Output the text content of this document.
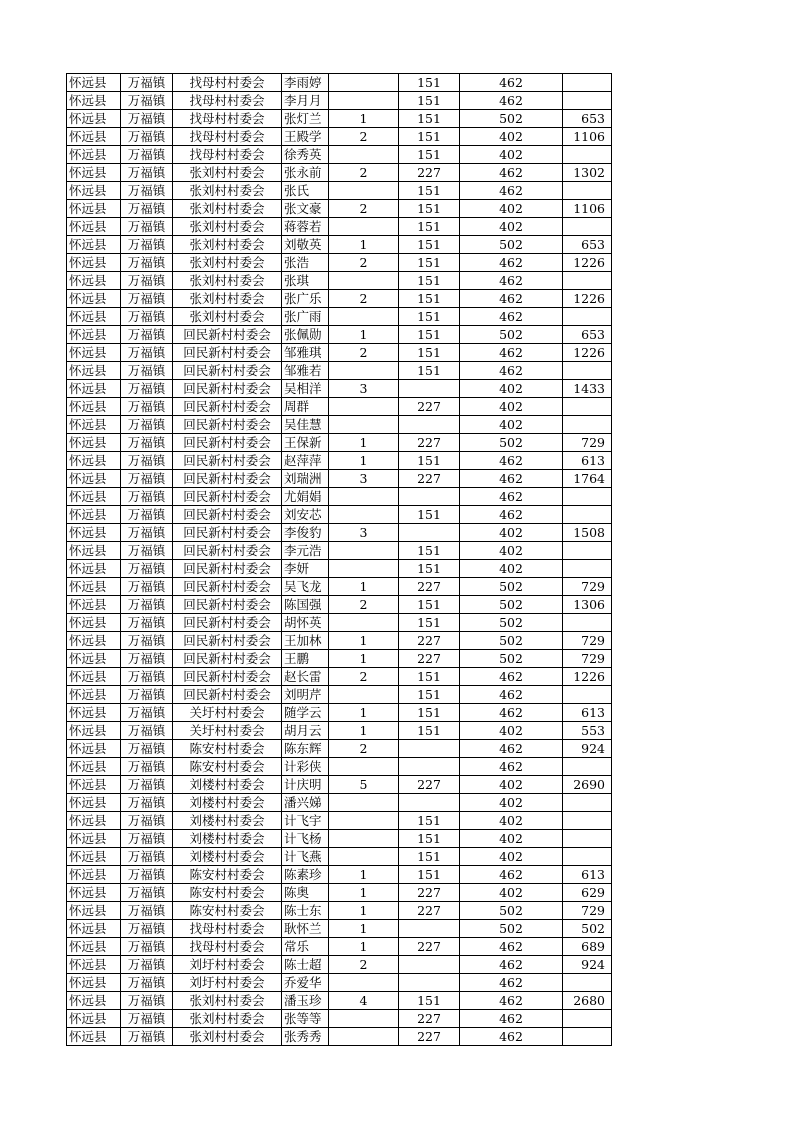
怀远县	万福镇	找母村村委会	李雨婷		151	462	
怀远县	万福镇	找母村村委会	李月月		151	462	
怀远县	万福镇	找母村村委会	张灯兰	1	151	502	653
怀远县	万福镇	找母村村委会	王殿学	2	151	402	1106
怀远县	万福镇	找母村村委会	徐秀英		151	402	
怀远县	万福镇	张刘村村委会	张永前	2	227	462	1302
怀远县	万福镇	张刘村村委会	张氏		151	462	
怀远县	万福镇	张刘村村委会	张文豪	2	151	402	1106
怀远县	万福镇	张刘村村委会	蒋蓉若		151	402	
怀远县	万福镇	张刘村村委会	刘敬英	1	151	502	653
怀远县	万福镇	张刘村村委会	张浩	2	151	462	1226
怀远县	万福镇	张刘村村委会	张琪		151	462	
怀远县	万福镇	张刘村村委会	张广乐	2	151	462	1226
怀远县	万福镇	张刘村村委会	张广雨		151	462	
怀远县	万福镇	回民新村村委会	张佩勋	1	151	502	653
怀远县	万福镇	回民新村村委会	邹雅琪	2	151	462	1226
怀远县	万福镇	回民新村村委会	邹雅若		151	462	
怀远县	万福镇	回民新村村委会	吴相洋	3		402	1433
怀远县	万福镇	回民新村村委会	周群		227	402	
怀远县	万福镇	回民新村村委会	吴佳慧			402	
怀远县	万福镇	回民新村村委会	王保新	1	227	502	729
怀远县	万福镇	回民新村村委会	赵萍萍	1	151	462	613
怀远县	万福镇	回民新村村委会	刘瑞洲	3	227	462	1764
怀远县	万福镇	回民新村村委会	尤娟娟			462	
怀远县	万福镇	回民新村村委会	刘安芯		151	462	
怀远县	万福镇	回民新村村委会	李俊豹	3		402	1508
怀远县	万福镇	回民新村村委会	李元浩		151	402	
怀远县	万福镇	回民新村村委会	李妍		151	402	
怀远县	万福镇	回民新村村委会	吴飞龙	1	227	502	729
怀远县	万福镇	回民新村村委会	陈国强	2	151	502	1306
怀远县	万福镇	回民新村村委会	胡怀英		151	502	
怀远县	万福镇	回民新村村委会	王加林	1	227	502	729
怀远县	万福镇	回民新村村委会	王鹏	1	227	502	729
怀远县	万福镇	回民新村村委会	赵长雷	2	151	462	1226
怀远县	万福镇	回民新村村委会	刘明芹		151	462	
怀远县	万福镇	关圩村村委会	随学云	1	151	462	613
怀远县	万福镇	关圩村村委会	胡月云	1	151	402	553
怀远县	万福镇	陈安村村委会	陈东辉	2		462	924
怀远县	万福镇	陈安村村委会	计彩侠			462	
怀远县	万福镇	刘楼村村委会	计庆明	5	227	402	2690
怀远县	万福镇	刘楼村村委会	潘兴娣			402	
怀远县	万福镇	刘楼村村委会	计飞宇		151	402	
怀远县	万福镇	刘楼村村委会	计飞杨		151	402	
怀远县	万福镇	刘楼村村委会	计飞燕		151	402	
怀远县	万福镇	陈安村村委会	陈素珍	1	151	462	613
怀远县	万福镇	陈安村村委会	陈奥	1	227	402	629
怀远县	万福镇	陈安村村委会	陈士东	1	227	502	729
怀远县	万福镇	找母村村委会	耿怀兰	1		502	502
怀远县	万福镇	找母村村委会	常乐	1	227	462	689
怀远县	万福镇	刘圩村村委会	陈士超	2		462	924
怀远县	万福镇	刘圩村村委会	乔爱华			462	
怀远县	万福镇	张刘村村委会	潘玉珍	4	151	462	2680
怀远县	万福镇	张刘村村委会	张等等		227	462	
怀远县	万福镇	张刘村村委会	张秀秀		227	462	
